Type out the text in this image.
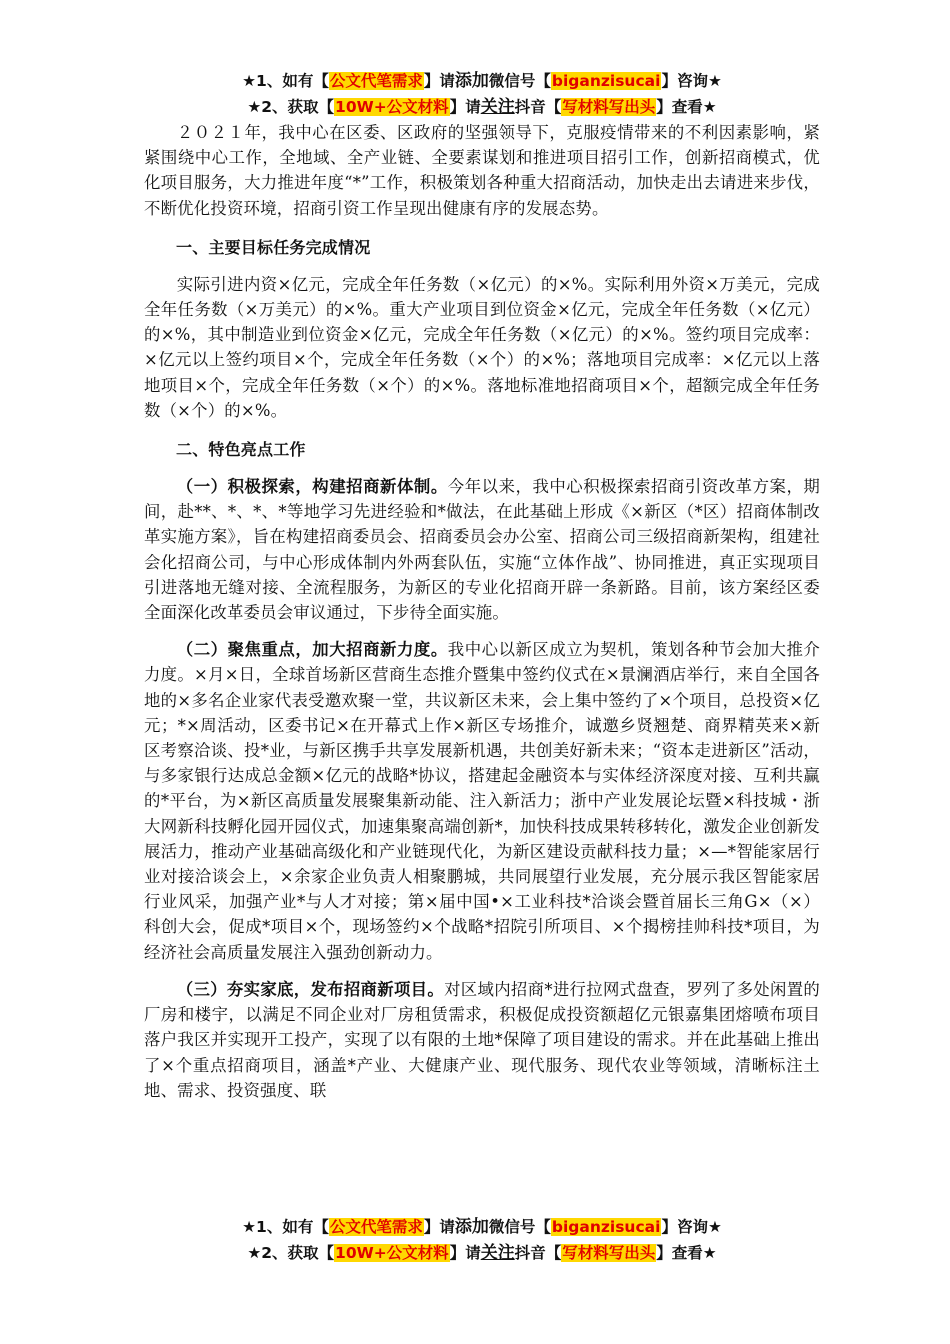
★1、如有【公文代笔需求】请添加微信号【biganzisucai】咨询★
★2、获取【10W+公文材料】请关注抖音【写材料写出头】查看★

２０２１年，我中心在区委、区政府的坚强领导下，克服疫情带来的不利因素影响，紧紧围绕中心工作，全地域、全产业链、全要素谋划和推进项目招引工作，创新招商模式，优化项目服务，大力推进年度“*”工作，积极策划各种重大招商活动，加快走出去请进来步伐，不断优化投资环境，招商引资工作呈现出健康有序的发展态势。

一、主要目标任务完成情况

实际引进内资×亿元，完成全年任务数（×亿元）的×%。实际利用外资×万美元，完成全年任务数（×万美元）的×%。重大产业项目到位资金×亿元，完成全年任务数（×亿元）的×%，其中制造业到位资金×亿元，完成全年任务数（×亿元）的×%。签约项目完成率：×亿元以上签约项目×个，完成全年任务数（×个）的×%；落地项目完成率：×亿元以上落地项目×个，完成全年任务数（×个）的×%。落地标准地招商项目×个，超额完成全年任务数（×个）的×%。

二、特色亮点工作

（一）积极探索，构建招商新体制。今年以来，我中心积极探索招商引资改革方案，期间，赴**、*、*、*等地学习先进经验和*做法，在此基础上形成《×新区（*区）招商体制改革实施方案》，旨在构建招商委员会、招商委员会办公室、招商公司三级招商新架构，组建社会化招商公司，与中心形成体制内外两套队伍，实施“立体作战”、协同推进，真正实现项目引进落地无缝对接、全流程服务，为新区的专业化招商开辟一条新路。目前，该方案经区委全面深化改革委员会审议通过，下步待全面实施。

（二）聚焦重点，加大招商新力度。我中心以新区成立为契机，策划各种节会加大推介力度。×月×日，全球首场新区营商生态推介暨集中签约仪式在×景澜酒店举行，来自全国各地的×多名企业家代表受邀欢聚一堂，共议新区未来，会上集中签约了×个项目，总投资×亿元；*×周活动，区委书记×在开幕式上作×新区专场推介，诚邀乡贤翘楚、商界精英来×新区考察洽谈、投*业，与新区携手共享发展新机遇，共创美好新未来；“资本走进新区”活动，与多家银行达成总金额×亿元的战略*协议，搭建起金融资本与实体经济深度对接、互利共赢的*平台，为×新区高质量发展聚集新动能、注入新活力；浙中产业发展论坛暨×科技城・浙大网新科技孵化园开园仪式，加速集聚高端创新*，加快科技成果转移转化，激发企业创新发展活力，推动产业基础高级化和产业链现代化，为新区建设贡献科技力量；×—*智能家居行业对接洽谈会上，×余家企业负责人相聚鹏城，共同展望行业发展，充分展示我区智能家居行业风采，加强产业*与人才对接；第×届中国•×工业科技*洽谈会暨首届长三角G×（×）科创大会，促成*项目×个，现场签约×个战略*招院引所项目、×个揭榜挂帅科技*项目，为经济社会高质量发展注入强劲创新动力。

（三）夯实家底，发布招商新项目。对区域内招商*进行拉网式盘查，罗列了多处闲置的厂房和楼宇，以满足不同企业对厂房租赁需求，积极促成投资额超亿元银嘉集团熔喷布项目落户我区并实现开工投产，实现了以有限的土地*保障了项目建设的需求。并在此基础上推出了×个重点招商项目，涵盖*产业、大健康产业、现代服务、现代农业等领域，清晰标注土地、需求、投资强度、联

★1、如有【公文代笔需求】请添加微信号【biganzisucai】咨询★
★2、获取【10W+公文材料】请关注抖音【写材料写出头】查看★
